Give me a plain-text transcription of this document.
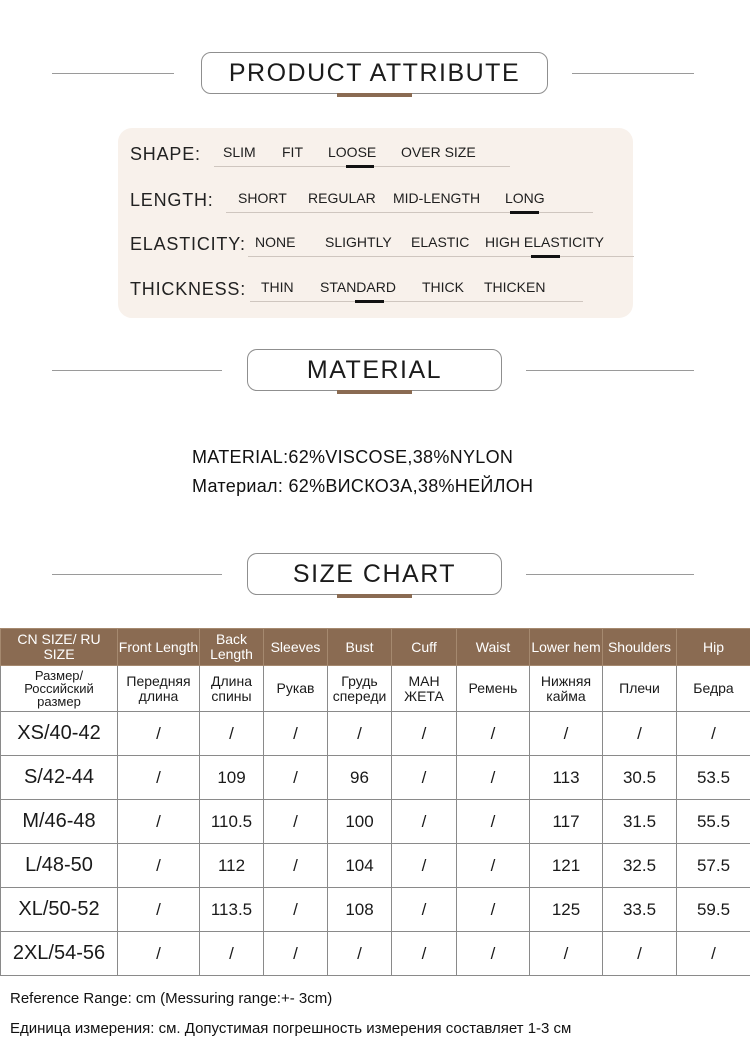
PRODUCT ATTRIBUTE
SHAPE: SLIM FIT LOOSE OVER SIZE
LENGTH: SHORT REGULAR MID-LENGTH LONG
ELASTICITY: NONE SLIGHTLY ELASTIC HIGH ELASTICITY
THICKNESS: THIN STANDARD THICK THICKEN
MATERIAL
MATERIAL:62%VISCOSE,38%NYLON
Материал: 62%ВИСКОЗА,38%НЕЙЛОН
SIZE CHART
CN SIZE/ RU SIZE	Front Length	Back Length	Sleeves	Bust	Cuff	Waist	Lower hem	Shoulders	Hip
Размер/ Российский размер	Передняя длина	Длина спины	Рукав	Грудь спереди	МАН ЖЕТА	Ремень	Нижняя кайма	Плечи	Бедра
XS/40-42	/	/	/	/	/	/	/	/	/
S/42-44	/	109	/	96	/	/	113	30.5	53.5
M/46-48	/	110.5	/	100	/	/	117	31.5	55.5
L/48-50	/	112	/	104	/	/	121	32.5	57.5
XL/50-52	/	113.5	/	108	/	/	125	33.5	59.5
2XL/54-56	/	/	/	/	/	/	/	/	/
Reference Range: cm (Messuring range:+- 3cm)
Единица измерения: см. Допустимая погрешность измерения составляет 1-3 см
